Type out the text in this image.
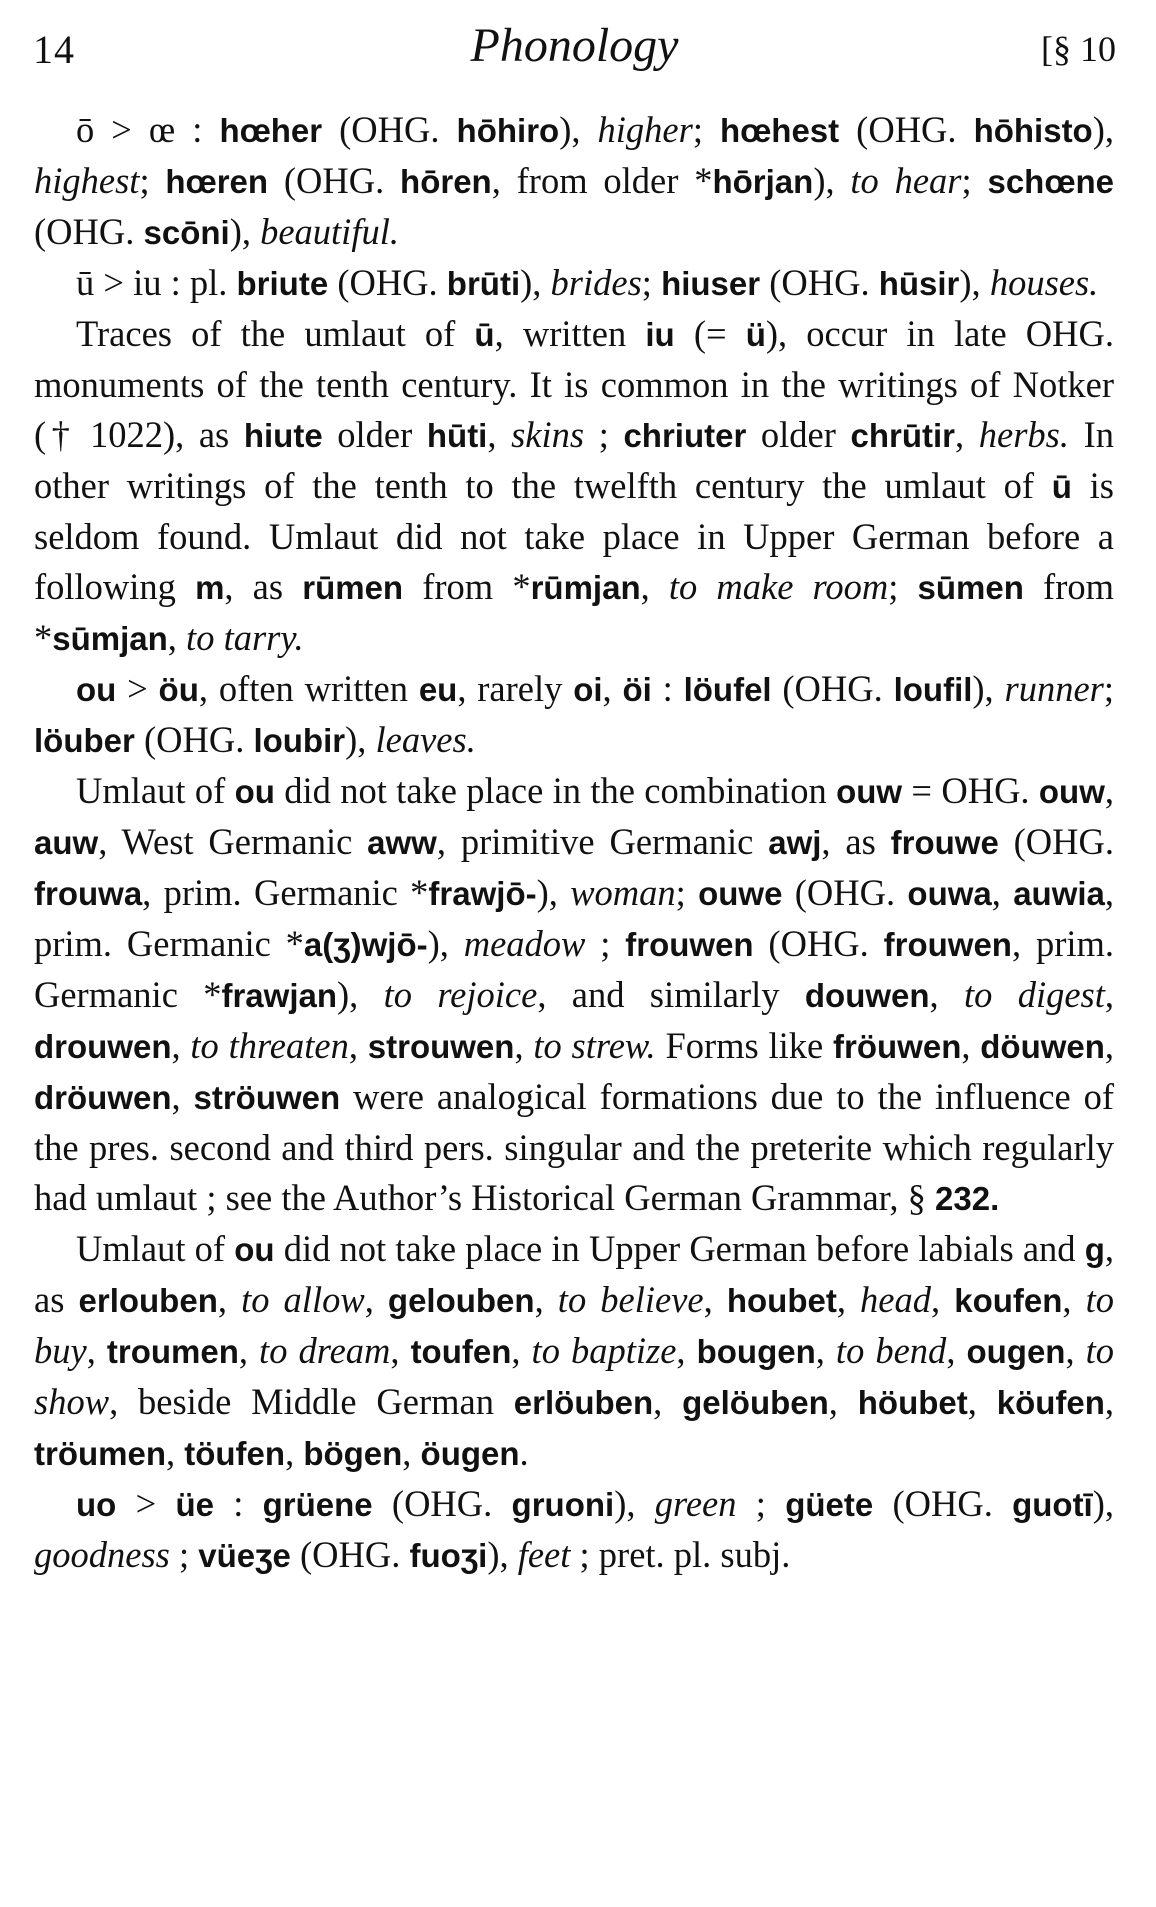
14	Phonology	[§ 10

ō > œ : hœher (OHG. hōhiro), higher; hœhest (OHG. hōhisto), highest; hœren (OHG. hōren, from older *hōrjan), to hear; schœne (OHG. scōni), beautiful.

ū > iu : pl. briute (OHG. brūti), brides; hiuser (OHG. hūsir), houses.

Traces of the umlaut of ū, written iu (= ü), occur in late OHG. monuments of the tenth century. It is common in the writings of Notker († 1022), as hiute older hūti, skins ; chriuter older chrūtir, herbs. In other writings of the tenth to the twelfth century the umlaut of ū is seldom found. Umlaut did not take place in Upper German before a following m, as rūmen from *rūmjan, to make room; sūmen from *sūmjan, to tarry.

ou > öu, often written eu, rarely oi, öi : löufel (OHG. loufil), runner; löuber (OHG. loubir), leaves.

Umlaut of ou did not take place in the combination ouw = OHG. ouw, auw, West Germanic aww, primitive Germanic awj, as frouwe (OHG. frouwa, prim. Germanic *frawjō-), woman; ouwe (OHG. ouwa, auwia, prim. Germanic *a(ʒ)wjō-), meadow ; frouwen (OHG. frouwen, prim. Germanic *frawjan), to rejoice, and similarly douwen, to digest, drouwen, to threaten, strouwen, to strew. Forms like fröuwen, döuwen, dröuwen, ströuwen were analogical formations due to the influence of the pres. second and third pers. singular and the preterite which regularly had umlaut ; see the Author’s Historical German Grammar, § 232.

Umlaut of ou did not take place in Upper German before labials and g, as erlouben, to allow, gelouben, to believe, houbet, head, koufen, to buy, troumen, to dream, toufen, to baptize, bougen, to bend, ougen, to show, beside Middle German erlöuben, gelöuben, höubet, köufen, tröumen, töufen, bögen, öugen.

uo > üe : grüene (OHG. gruoni), green ; güete (OHG. guotī), goodness ; vüeʒe (OHG. fuoʒi), feet ; pret. pl. subj.
